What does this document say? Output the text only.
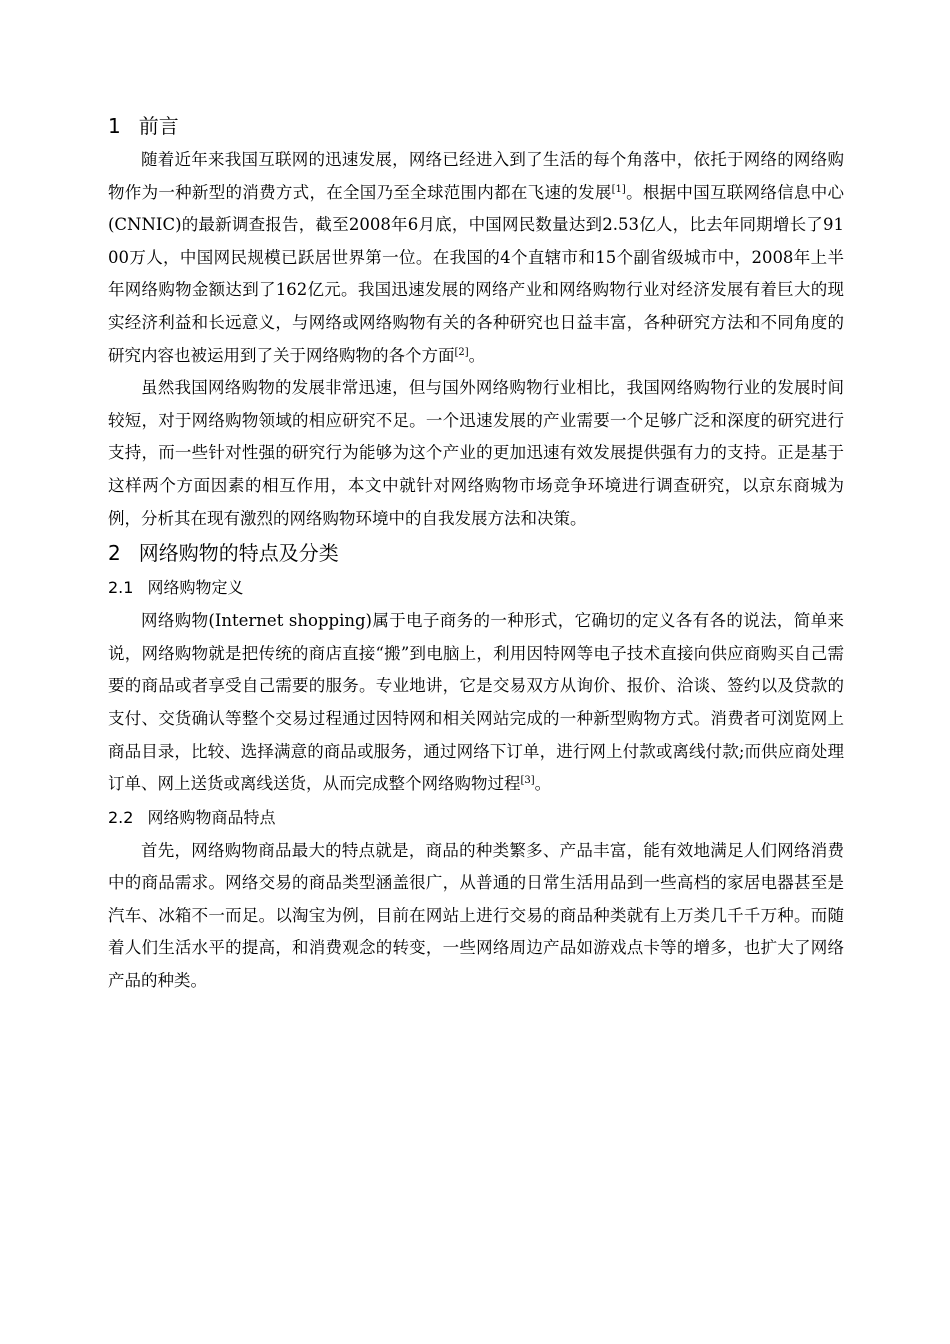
1 前言

随着近年来我国互联网的迅速发展，网络已经进入到了生活的每个角落中，依托于网络的网络购物作为一种新型的消费方式，在全国乃至全球范围内都在飞速的发展[1]。根据中国互联网络信息中心(CNNIC)的最新调查报告，截至2008年6月底，中国网民数量达到2.53亿人，比去年同期增长了9100万人，中国网民规模已跃居世界第一位。在我国的4个直辖市和15个副省级城市中，2008年上半年网络购物金额达到了162亿元。我国迅速发展的网络产业和网络购物行业对经济发展有着巨大的现实经济利益和长远意义，与网络或网络购物有关的各种研究也日益丰富，各种研究方法和不同角度的研究内容也被运用到了关于网络购物的各个方面[2]。

虽然我国网络购物的发展非常迅速，但与国外网络购物行业相比，我国网络购物行业的发展时间较短，对于网络购物领域的相应研究不足。一个迅速发展的产业需要一个足够广泛和深度的研究进行支持，而一些针对性强的研究行为能够为这个产业的更加迅速有效发展提供强有力的支持。正是基于这样两个方面因素的相互作用，本文中就针对网络购物市场竞争环境进行调查研究，以京东商城为例，分析其在现有激烈的网络购物环境中的自我发展方法和决策。

2 网络购物的特点及分类
2.1 网络购物定义

网络购物(Internet shopping)属于电子商务的一种形式，它确切的定义各有各的说法，简单来说，网络购物就是把传统的商店直接“搬”到电脑上，利用因特网等电子技术直接向供应商购买自己需要的商品或者享受自己需要的服务。专业地讲，它是交易双方从询价、报价、洽谈、签约以及贷款的支付、交货确认等整个交易过程通过因特网和相关网站完成的一种新型购物方式。消费者可浏览网上商品目录，比较、选择满意的商品或服务，通过网络下订单，进行网上付款或离线付款;而供应商处理订单、网上送货或离线送货，从而完成整个网络购物过程[3]。

2.2 网络购物商品特点

首先，网络购物商品最大的特点就是，商品的种类繁多、产品丰富，能有效地满足人们网络消费中的商品需求。网络交易的商品类型涵盖很广，从普通的日常生活用品到一些高档的家居电器甚至是汽车、冰箱不一而足。以淘宝为例，目前在网站上进行交易的商品种类就有上万类几千千万种。而随着人们生活水平的提高，和消费观念的转变，一些网络周边产品如游戏点卡等的增多，也扩大了网络产品的种类。
